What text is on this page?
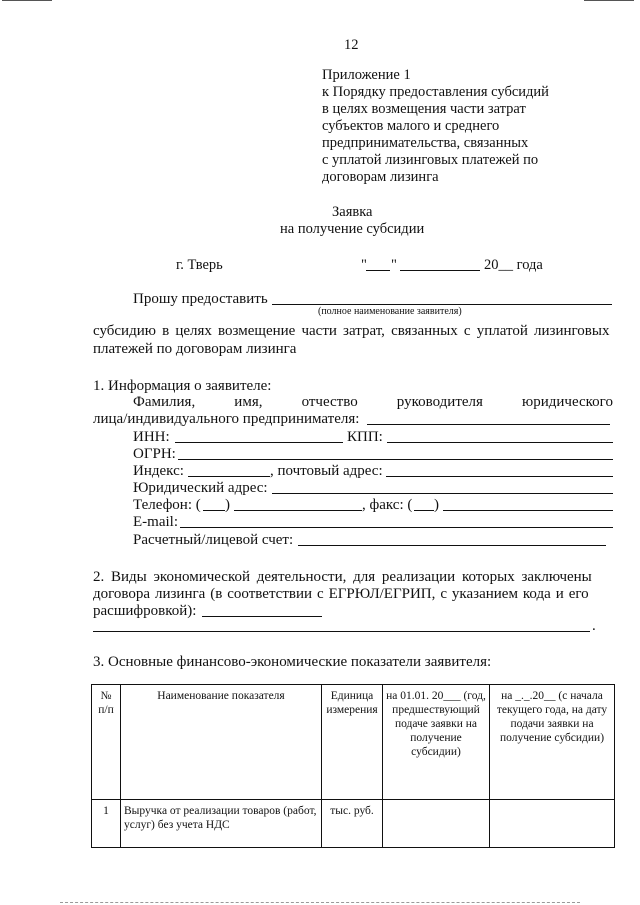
12
Приложение 1
к Порядку предоставления субсидий
в целях возмещения части затрат
субъектов малого и среднего
предпринимательства, связанных
с уплатой лизинговых платежей по
договорам лизинга
Заявка
на получение субсидии
г. Тверь	" "	20__ года
Прошу предоставить
(полное наименование заявителя)
субсидию в целях возмещение части затрат, связанных с уплатой лизинговых
платежей по договорам лизинга
1. Информация о заявителе:
Фамилия,	имя,	отчество	руководителя	юридического
лица/индивидуального предпринимателя:
ИНН:	КПП:
ОГРН:
Индекс:	, почтовый адрес:
Юридический адрес:
Телефон: ( )	, факс: ( )
E-mail:
Расчетный/лицевой счет:
2. Виды экономической деятельности, для реализации которых заключены
договора лизинга (в соответствии с ЕГРЮЛ/ЕГРИП, с указанием кода и его
расшифровкой):
.
3. Основные финансово-экономические показатели заявителя:
№ п/п	Наименование показателя	Единица измерения	на 01.01. 20___ (год, предшествующий подаче заявки на получение субсидии)	на _._.20__ (с начала текущего года, на дату подачи заявки на получение субсидии)
1	Выручка от реализации товаров (работ, услуг) без учета НДС	тыс. руб.		
